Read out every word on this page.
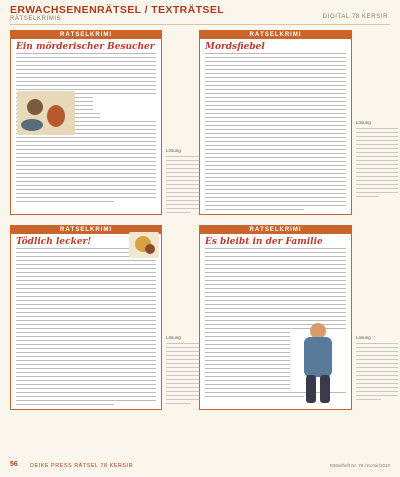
ERWACHSENENRÄTSEL / TEXTRÄTSEL
RÄTSELKRIMIS	DIGITAL 78 KERSIR
RÄTSELKRIMI
Ein mörderischer Besucher
Lösung
RÄTSELKRIMI
Mordsfiebel
Lösung
RÄTSELKRIMI
Tödlich lecker!
Lösung
RÄTSELKRIMI
Es bleibt in der Familie
Lösung
56 DEIKE PRESS RÄTSEL 78 KERSIR	Rätselheft Nr. 78 / Kersir/2010
